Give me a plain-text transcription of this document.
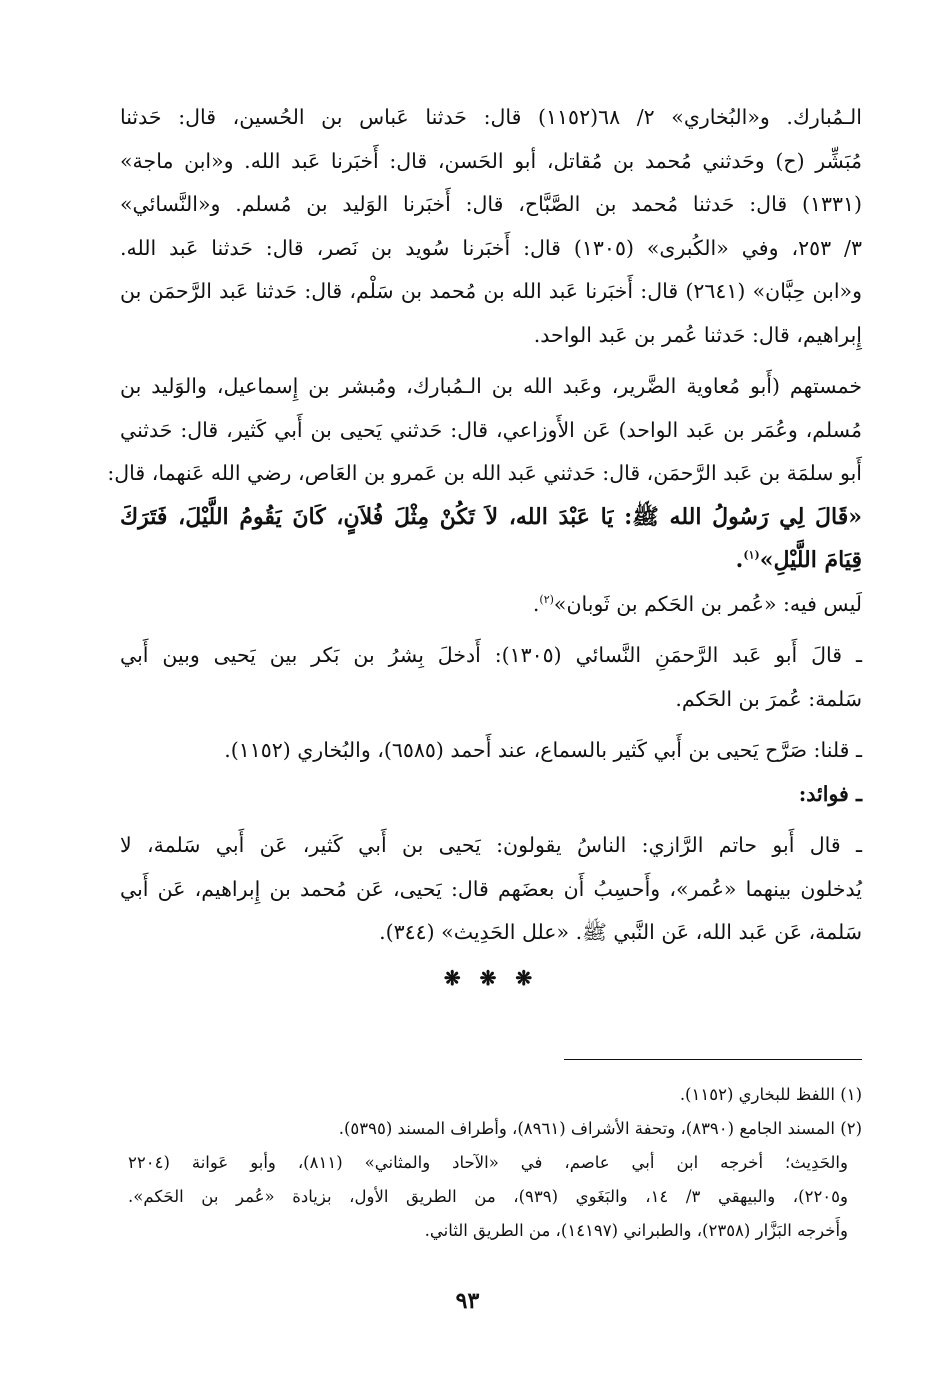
الـمُبارك. و«البُخاري» ٢/ ٦٨(١١٥٢) قال: حَدثنا عَباس بن الحُسين، قال: حَدثنا
مُبَشِّر (ح) وحَدثني مُحمد بن مُقاتل، أبو الحَسن، قال: أَخبَرنا عَبد الله. و«ابن ماجة»
(١٣٣١) قال: حَدثنا مُحمد بن الصَّبَّاح، قال: أَخبَرنا الوَليد بن مُسلم. و«النَّسائي»
٣/ ٢٥٣، وفي «الكُبرى» (١٣٠٥) قال: أَخبَرنا سُويد بن نَصر، قال: حَدثنا عَبد الله.
و«ابن حِبَّان» (٢٦٤١) قال: أَخبَرنا عَبد الله بن مُحمد بن سَلْم، قال: حَدثنا عَبد الرَّحمَن بن
إِبراهيم، قال: حَدثنا عُمر بن عَبد الواحد.
خمستهم (أَبو مُعاوية الضَّرير، وعَبد الله بن الـمُبارك، ومُبشر بن إِسماعيل، والوَليد بن
مُسلم، وعُمَر بن عَبد الواحد) عَن الأَوزاعي، قال: حَدثني يَحيى بن أَبي كَثير، قال: حَدثني
أَبو سلمَة بن عَبد الرَّحمَن، قال: حَدثني عَبد الله بن عَمرو بن العَاص، رضي الله عَنهما، قال:
«قَالَ لِي رَسُولُ الله ﷺ: يَا عَبْدَ الله، لاَ تَكُنْ مِثْلَ فُلاَنٍ، كَانَ يَقُومُ اللَّيْلَ، فَتَرَكَ
قِيَامَ اللَّيْلِ»$^{(١)}$.
لَيس فيه: «عُمر بن الحَكم بن ثَوبان»$^{(٢)}$.
ـ قالَ أَبو عَبد الرَّحمَنِ النَّسائي (١٣٠٥): أَدخلَ بِشرُ بن بَكر بين يَحيى وبين أَبي
سَلمة: عُمرَ بن الحَكم.
ـ قلنا: صَرَّح يَحيى بن أَبي كَثير بالسماع، عند أَحمد (٦٥٨٥)، والبُخاري (١١٥٢).
ـ فوائد:
ـ قال أَبو حاتم الرَّازي: الناسُ يقولون: يَحيى بن أَبي كَثير، عَن أَبي سَلمة، لا
يُدخلون بينهما «عُمر»، وأَحسِبُ أَن بعضَهم قال: يَحيى، عَن مُحمد بن إِبراهيم، عَن أَبي
سَلمة، عَن عَبد الله، عَن النَّبي ﷺ. «علل الحَدِيث» (٣٤٤).
❋ ❋ ❋
(١) اللفظ للبخاري (١١٥٢).
(٢) المسند الجامع (٨٣٩٠)، وتحفة الأشراف (٨٩٦١)، وأطراف المسند (٥٣٩٥).
والحَدِيث؛ أخرجه ابن أبي عاصم، في «الآحاد والمثاني» (٨١١)، وأبو عَوانة (٢٢٠٤
و٢٢٠٥)، والبيهقي ٣/ ١٤، والبَغَوي (٩٣٩)، من الطريق الأول، بزيادة «عُمر بن الحَكم».
وأَخرجه البَزَّار (٢٣٥٨)، والطبراني (١٤١٩٧)، من الطريق الثاني.
٩٣
